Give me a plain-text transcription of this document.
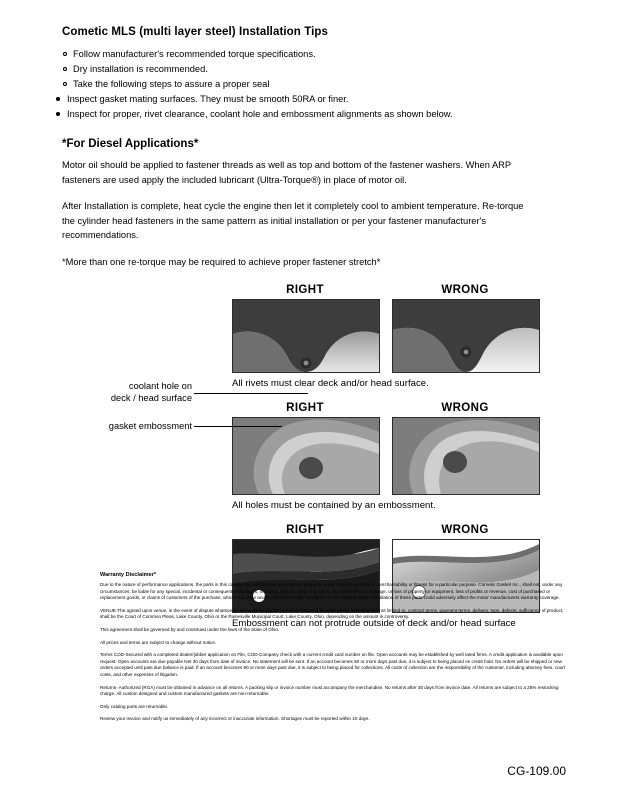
Cometic MLS (multi layer steel) Installation Tips
Follow manufacturer's recommended torque specifications.
Dry installation is recommended.
Take the following steps to assure a proper seal
Inspect gasket mating surfaces. They must be smooth 50RA or finer.
Inspect for proper, rivet clearance, coolant hole and embossment alignments as shown below.
*For Diesel Applications*

Motor oil should be applied to fastener threads as well as top and bottom of the fastener washers. When ARP fasteners are used apply the included lubricant (Ultra-Torque®) in place of motor oil.

After Installation is complete, heat cycle the engine then let it completely cool to ambient temperature. Re-torque the cylinder head fasteners in the same pattern as initial installation or per your fastener manufacturer's recommendations.

*More than one re-torque may be required to achieve proper fastener stretch*

RIGHT	WRONG
All rivets must clear deck and/or head surface.
RIGHT	WRONG
All holes must be contained by an embossment.
RIGHT	WRONG
Embossment can not protrude outside of deck and/or head surface
coolant hole on
deck / head surface
gasket embossment
Warranty Disclaimer*

Due to the nature of performance applications, the parts in this catalog are sold without any express warranty or any implied warranty of merchantability or fitness for a particular purpose. Cometic Gasket Inc., shall not, under any circumstances, be liable for any special, incidental or consequential damages, including, person, party or property, but not limited to, damage, or loss of property or equipment, loss of profits or revenue, cost of purchased or replacement goods, or claims of customers of the purchase, which may arise and/or result from sale, instillation or use of these parts. Installation of these parts could adversely affect the motor manufacturers warranty coverage.

VENUE-The agreed upon venue, in the event of dispute whatsoever between the parties, whether instituted by either party, including, but not limited to, contract terms, payment terms, delivery, type, defects, sufficiency of product, shall be the Court of Common Pleas, Lake County, Ohio or the Painesville Municipal Court, Lake County, Ohio, depending on the amount in controversy.

This agreement shall be governed by and construed under the laws of the State of Ohio.

All prices and terms are subject to change without notice.

Terms COD-Secured with a completed dealer/jobber application on File, COD-Company check with a current credit card number on file. Open accounts may be established by well rated firms. A credit application is available upon request. Open accounts are due payable Net 30 days from date of invoice. No statement will be sent. If an account becomes 60 or more days past due, it is subject to being placed on credit hold. No orders will be shipped or new orders accepted until past due balance is paid. If an account becomes 90 or more days past due, it is subject to being placed for collections. All costs of collection are the responsibility of the customer, including attorney fees, court costs, and other expenses of litigation.

Returns- Authorized (RGA) must be obtained in advance on all returns. A packing slip or invoice number must accompany the merchandise. No returns after 30 days from invoice date. All returns are subject to a 25% restocking charge. All custom designed and custom manufactured gaskets are non-returnable.

Only catalog parts are returnable.

Review your invoice and notify us immediately of any incorrect or inaccurate information. Shortages must be reported within 10 days.

CG-109.00
